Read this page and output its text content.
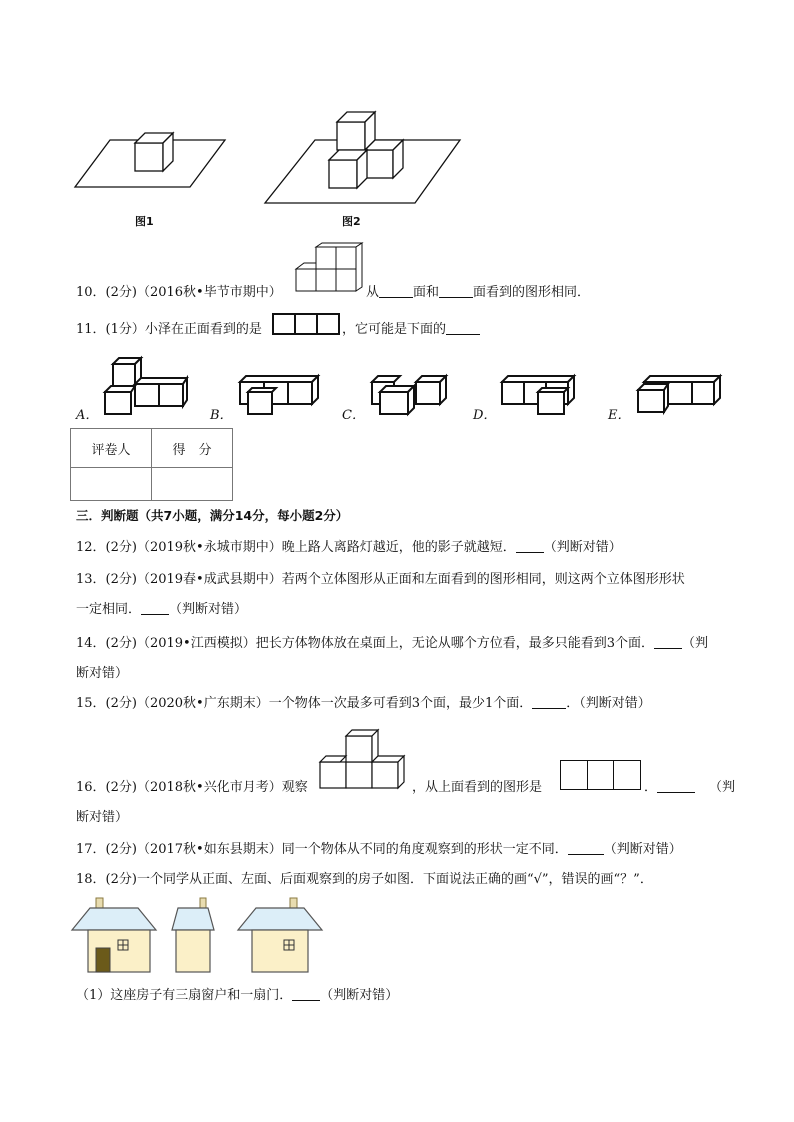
图1	图2
10．(2分)（2016秋•毕节市期中）	从	面和	面看到的图形相同．
11．(1分）小泽在正面看到的是	，它可能是下面的
A．	B．	C．	D．	E．
评卷人	得　分

三．判断题（共7小题，满分14分，每小题2分）
12．(2分)（2019秋•永城市期中）晚上路人离路灯越近，他的影子就越短． （判断对错）
13．(2分)（2019春•成武县期中）若两个立体图形从正面和左面看到的图形相同，则这两个立体图形形状
一定相同． （判断对错）
14．(2分)（2019•江西模拟）把长方体物体放在桌面上，无论从哪个方位看，最多只能看到3个面． （判
断对错）
15．(2分)（2020秋•广东期末）一个物体一次最多可看到3个面，最少1个面．	．（判断对错）
16．(2分)（2018秋•兴化市月考）观察	，从上面看到的图形是	．	（判
断对错）
17．(2分)（2017秋•如东县期末）同一个物体从不同的角度观察到的形状一定不同．	（判断对错）
18．(2分)一个同学从正面、左面、后面观察到的房子如图．下面说法正确的画“√”，错误的画“？”．
（1）这座房子有三扇窗户和一扇门． （判断对错）
